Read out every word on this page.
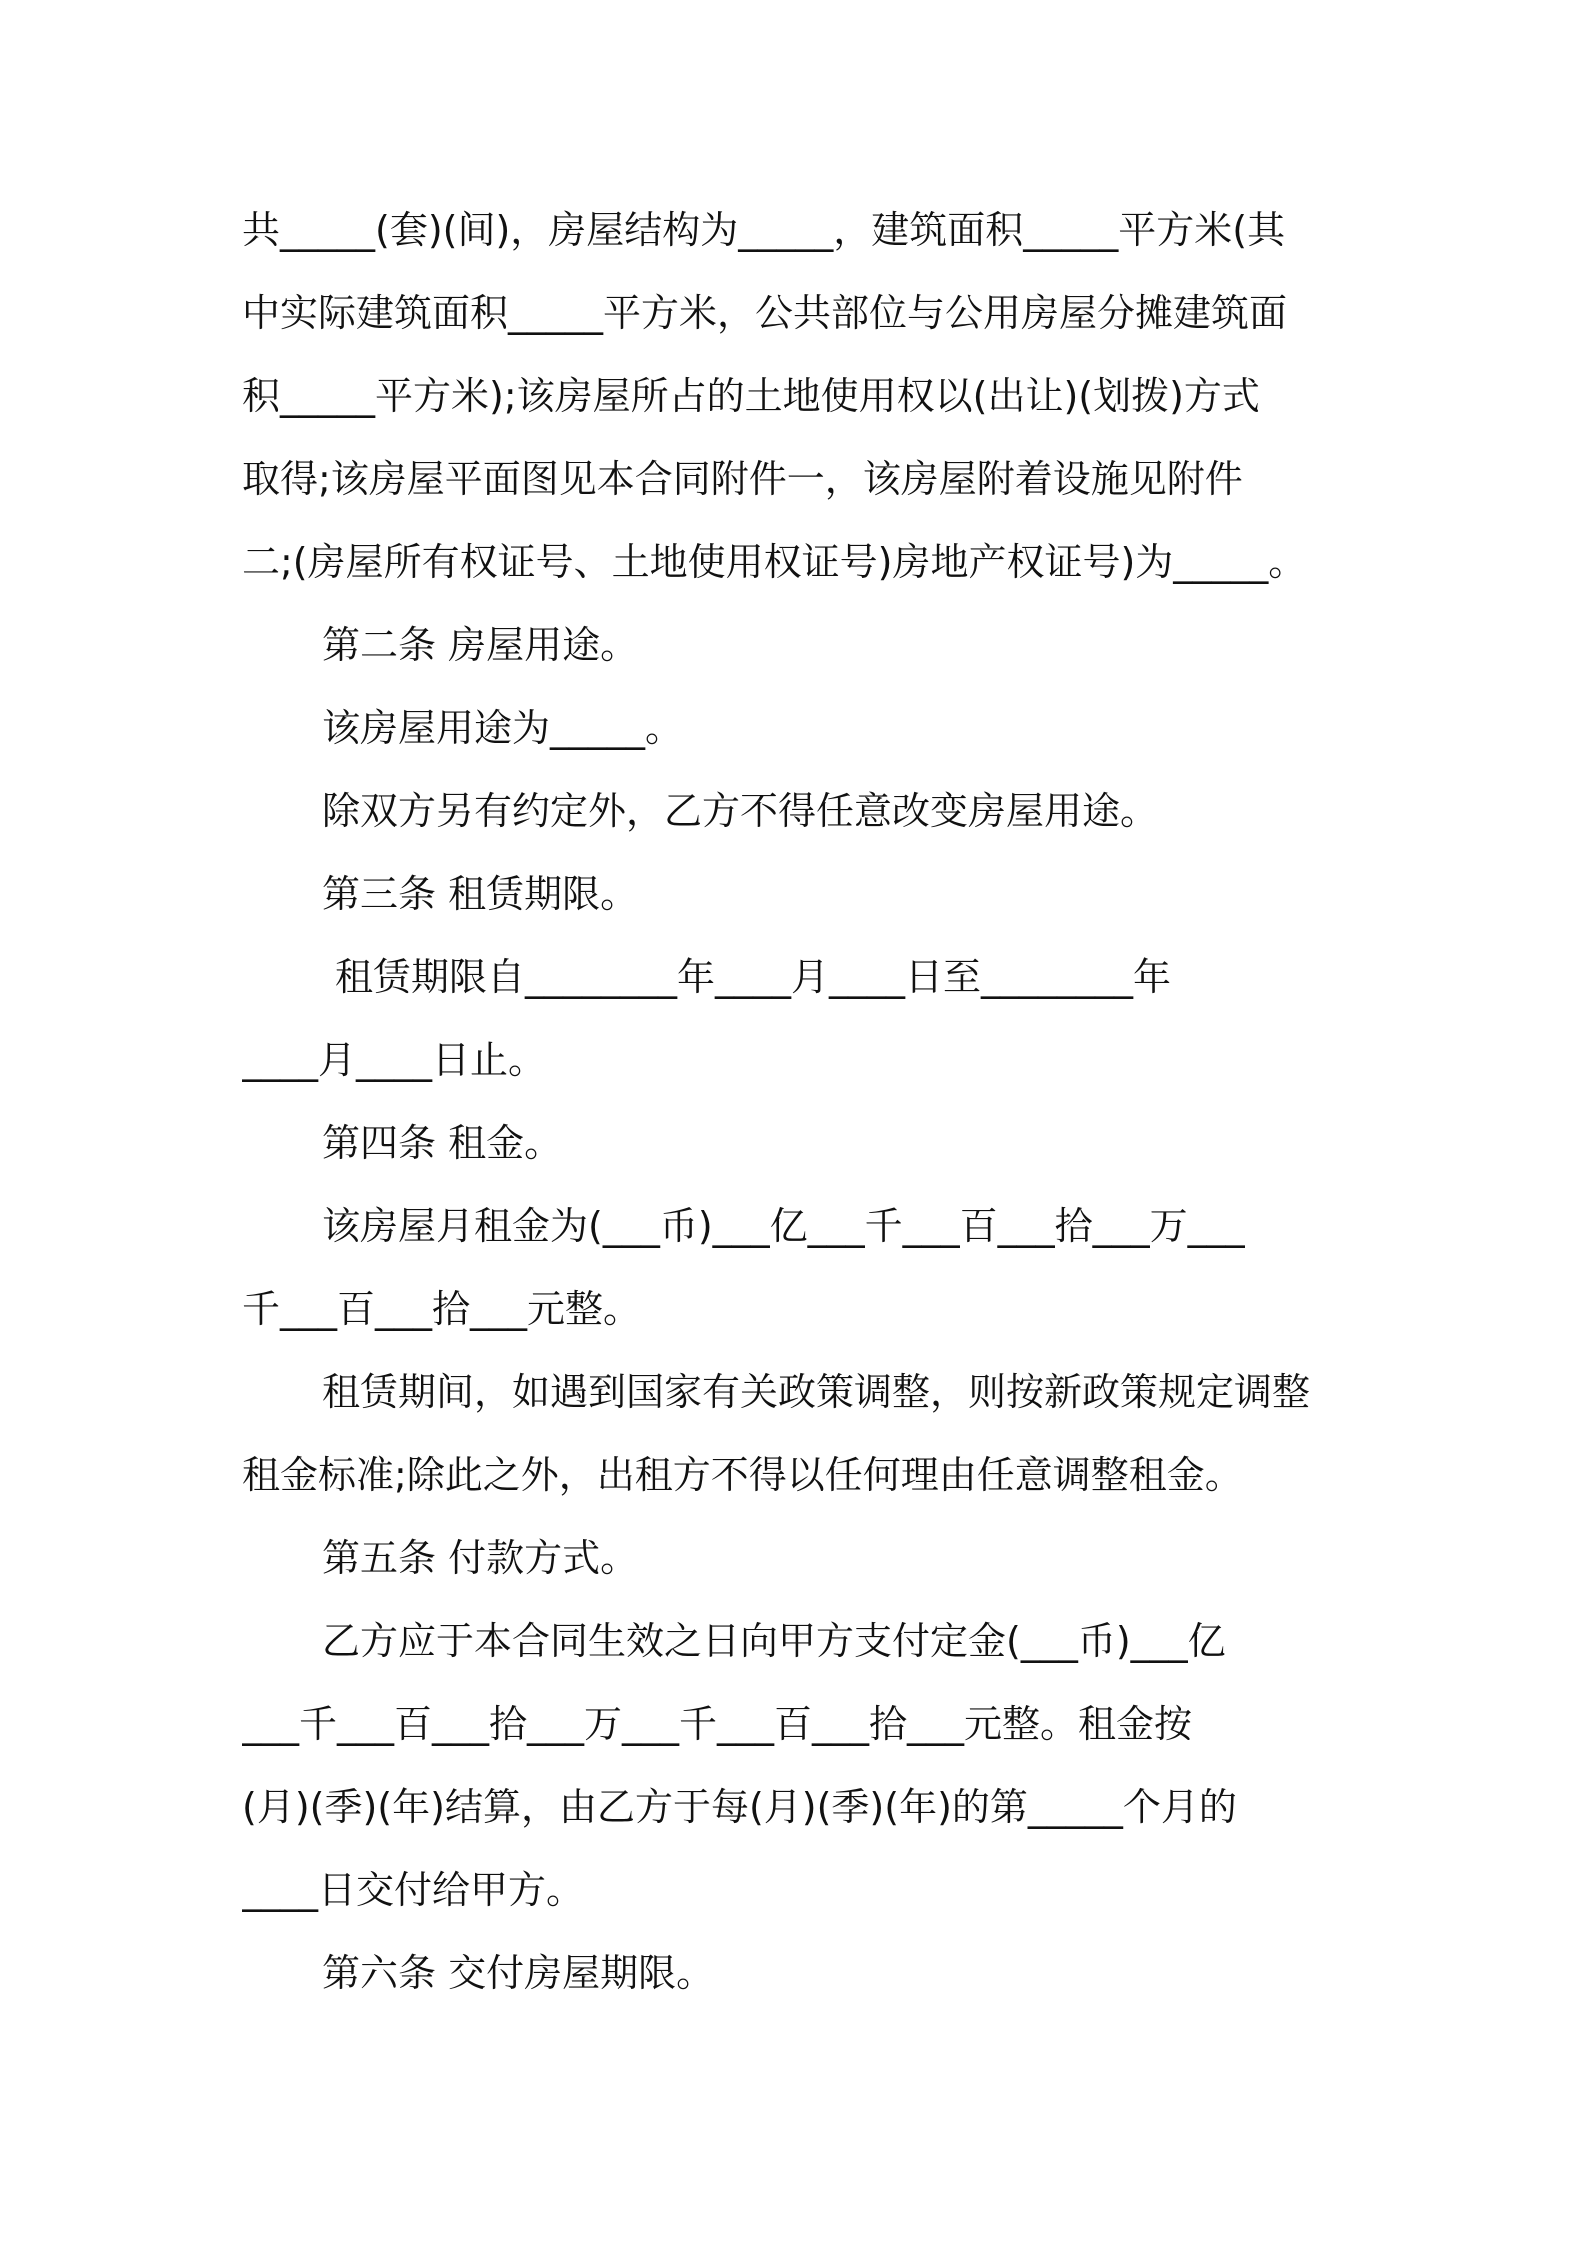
共_____(套)(间)，房屋结构为_____，建筑面积_____平方米(其
中实际建筑面积_____平方米，公共部位与公用房屋分摊建筑面
积_____平方米);该房屋所占的土地使用权以(出让)(划拨)方式
取得;该房屋平面图见本合同附件一，该房屋附着设施见附件
二;(房屋所有权证号、土地使用权证号)房地产权证号)为_____。
第二条 房屋用途。
该房屋用途为_____。
除双方另有约定外，乙方不得任意改变房屋用途。
第三条 租赁期限。
租赁期限自________年____月____日至________年
____月____日止。
第四条 租金。
该房屋月租金为(___币)___亿___千___百___拾___万___
千___百___拾___元整。
租赁期间，如遇到国家有关政策调整，则按新政策规定调整
租金标准;除此之外，出租方不得以任何理由任意调整租金。
第五条 付款方式。
乙方应于本合同生效之日向甲方支付定金(___币)___亿
___千___百___拾___万___千___百___拾___元整。租金按
(月)(季)(年)结算，由乙方于每(月)(季)(年)的第_____个月的
____日交付给甲方。
第六条 交付房屋期限。
